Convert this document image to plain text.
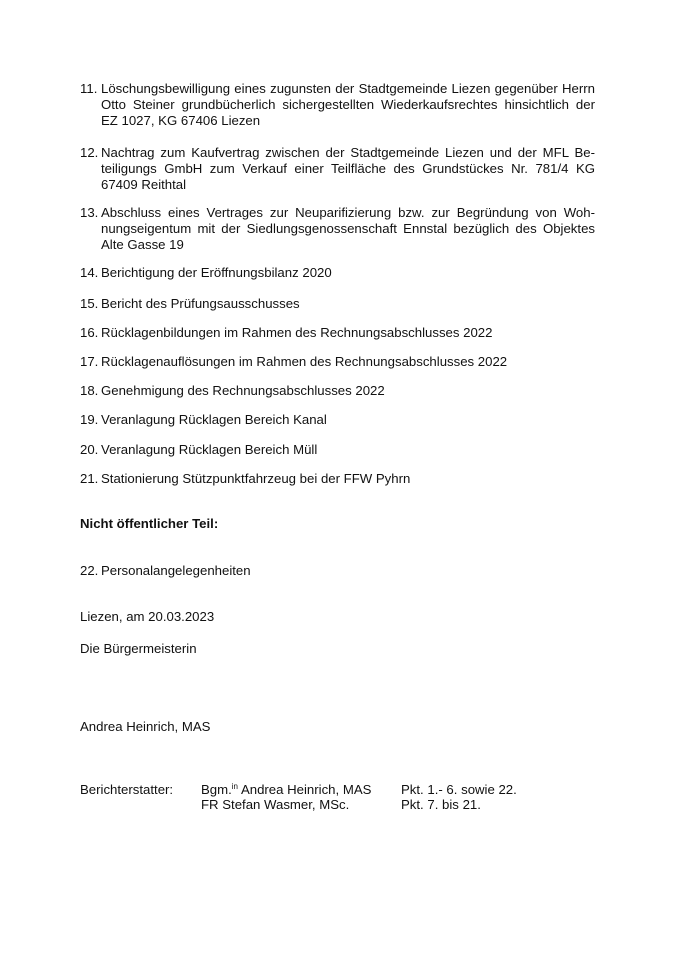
11. Löschungsbewilligung eines zugunsten der Stadtgemeinde Liezen gegenüber Herrn Otto Steiner grundbücherlich sichergestellten Wiederkaufsrechtes hinsichtlich der EZ 1027, KG 67406 Liezen
12. Nachtrag zum Kaufvertrag zwischen der Stadtgemeinde Liezen und der MFL Beteiligungs GmbH zum Verkauf einer Teilfläche des Grundstückes Nr. 781/4 KG 67409 Reithtal
13. Abschluss eines Vertrages zur Neuparifizierung bzw. zur Begründung von Wohnungseigentum mit der Siedlungsgenossenschaft Ennstal bezüglich des Objektes Alte Gasse 19
14. Berichtigung der Eröffnungsbilanz 2020
15. Bericht des Prüfungsausschusses
16. Rücklagenbildungen im Rahmen des Rechnungsabschlusses 2022
17. Rücklagenauflösungen im Rahmen des Rechnungsabschlusses 2022
18. Genehmigung des Rechnungsabschlusses 2022
19. Veranlagung Rücklagen Bereich Kanal
20. Veranlagung Rücklagen Bereich Müll
21. Stationierung Stützpunktfahrzeug bei der FFW Pyhrn
Nicht öffentlicher Teil:
22. Personalangelegenheiten
Liezen, am 20.03.2023
Die Bürgermeisterin
Andrea Heinrich, MAS
Berichterstatter: Bgm.$^{in}$ Andrea Heinrich, MAS Pkt. 1.- 6. sowie 22.
FR Stefan Wasmer, MSc.	Pkt. 7. bis 21.
